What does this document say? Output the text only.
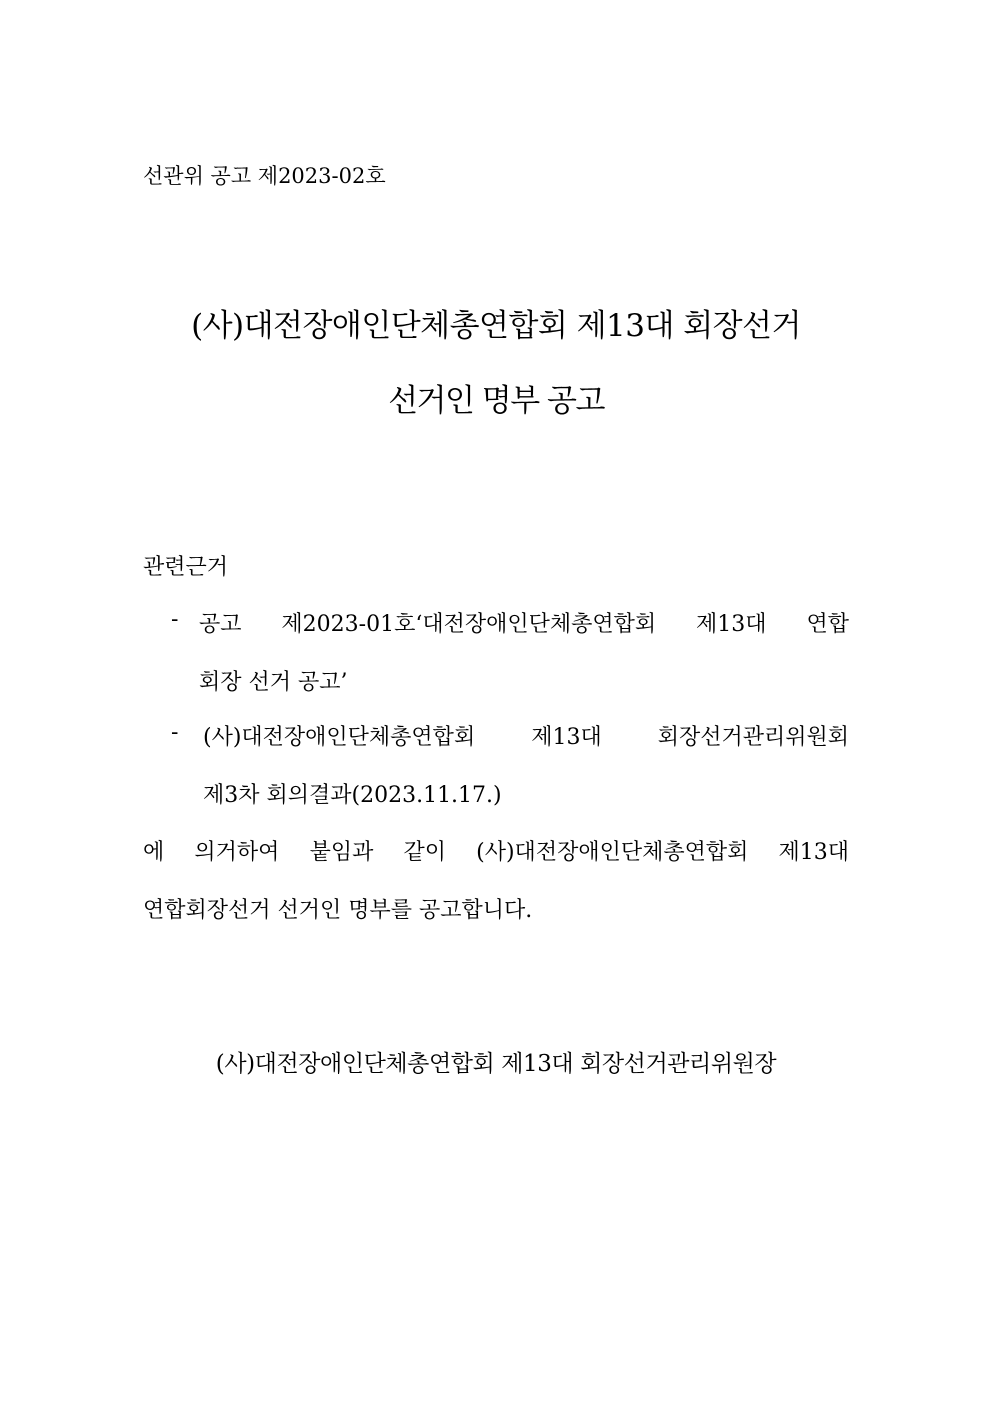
선관위 공고 제2023-02호
(사)대전장애인단체총연합회 제13대 회장선거
선거인 명부 공고
관련근거
- 공고 제2023-01호‘대전장애인단체총연합회 제13대 연합
회장 선거 공고’
- (사)대전장애인단체총연합회 제13대 회장선거관리위원회
제3차 회의결과(2023.11.17.)
에 의거하여 붙임과 같이 (사)대전장애인단체총연합회 제13대
연합회장선거 선거인 명부를 공고합니다.
(사)대전장애인단체총연합회 제13대 회장선거관리위원장
